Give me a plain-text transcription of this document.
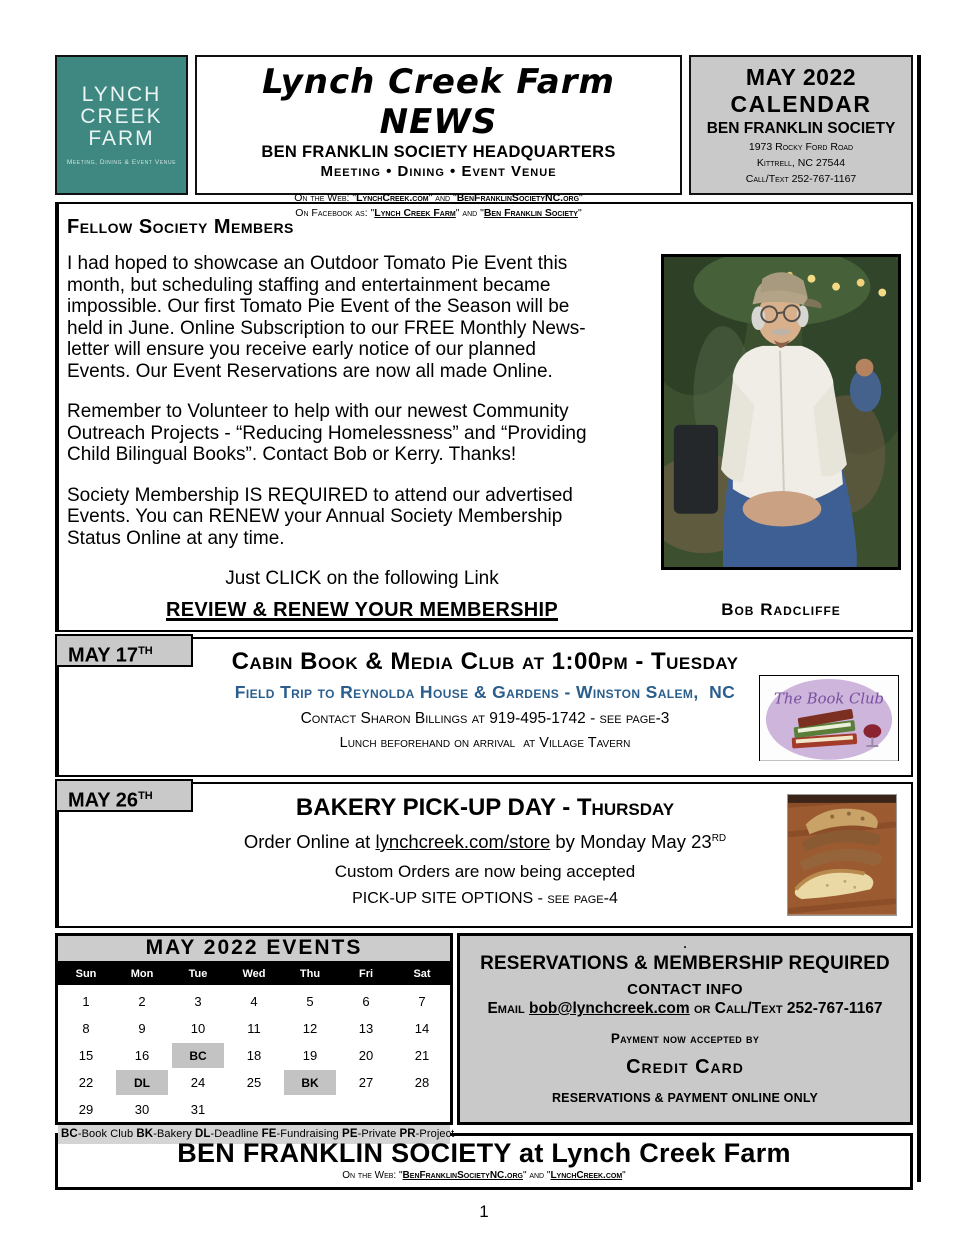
LYNCH
CREEK
FARM
Meeting, Dining & Event Venue
Lynch Creek Farm NEWS
BEN FRANKLIN SOCIETY HEADQUARTERS
Meeting • Dining • Event Venue
On the Web: "LynchCreek.com" and "BenFranklinSocietyNC.org"
On Facebook as: "Lynch Creek Farm" and "Ben Franklin Society"
MAY 2022
CALENDAR
BEN FRANKLIN SOCIETY
1973 Rocky Ford Road
Kittrell, NC 27544
Call/Text 252-767-1167
Fellow Society Members
I had hoped to showcase an Outdoor Tomato Pie Event this
month, but scheduling staffing and entertainment became
impossible. Our first Tomato Pie Event of the Season will be
held in June. Online Subscription to our FREE Monthly News-
letter will ensure you receive early notice of our planned
Events. Our Event Reservations are now all made Online.
Remember to Volunteer to help with our newest Community
Outreach Projects - “Reducing Homelessness” and “Providing
Child Bilingual Books”. Contact Bob or Kerry. Thanks!
Society Membership IS REQUIRED to attend our advertised
Events. You can RENEW your Annual Society Membership
Status Online at any time.
Just CLICK on the following Link
REVIEW & RENEW YOUR MEMBERSHIP	Bob Radcliffe
MAY 17TH	Cabin Book & Media Club at 1:00pm - Tuesday
Field Trip to Reynolda House & Gardens - Winston Salem,  NC
Contact Sharon Billings at 919-495-1742 - see page-3
Lunch beforehand on arrival  at Village Tavern
The Book Club
MAY 26TH	BAKERY PICK-UP DAY - Thursday
Order Online at lynchcreek.com/store by Monday May 23RD
Custom Orders are now being accepted
PICK-UP SITE OPTIONS - see page-4
MAY 2022 EVENTS
Sun	Mon	Tue	Wed	Thu	Fri	Sat
1	2	3	4	5	6	7
8	9	10	11	12	13	14
15	16	BC	18	19	20	21
22	DL	24	25	BK	27	28
29	30	31
BC-Book Club BK-Bakery DL-Deadline FE-Fundraising PE-Private PR-Project
.
RESERVATIONS & MEMBERSHIP REQUIRED
CONTACT INFO
Email bob@lynchcreek.com or Call/Text 252-767-1167
Payment now accepted by
Credit Card
RESERVATIONS & PAYMENT ONLINE ONLY
BEN FRANKLIN SOCIETY at Lynch Creek Farm
On the Web: "BenFranklinSocietyNC.org" and "LynchCreek.com"
1
